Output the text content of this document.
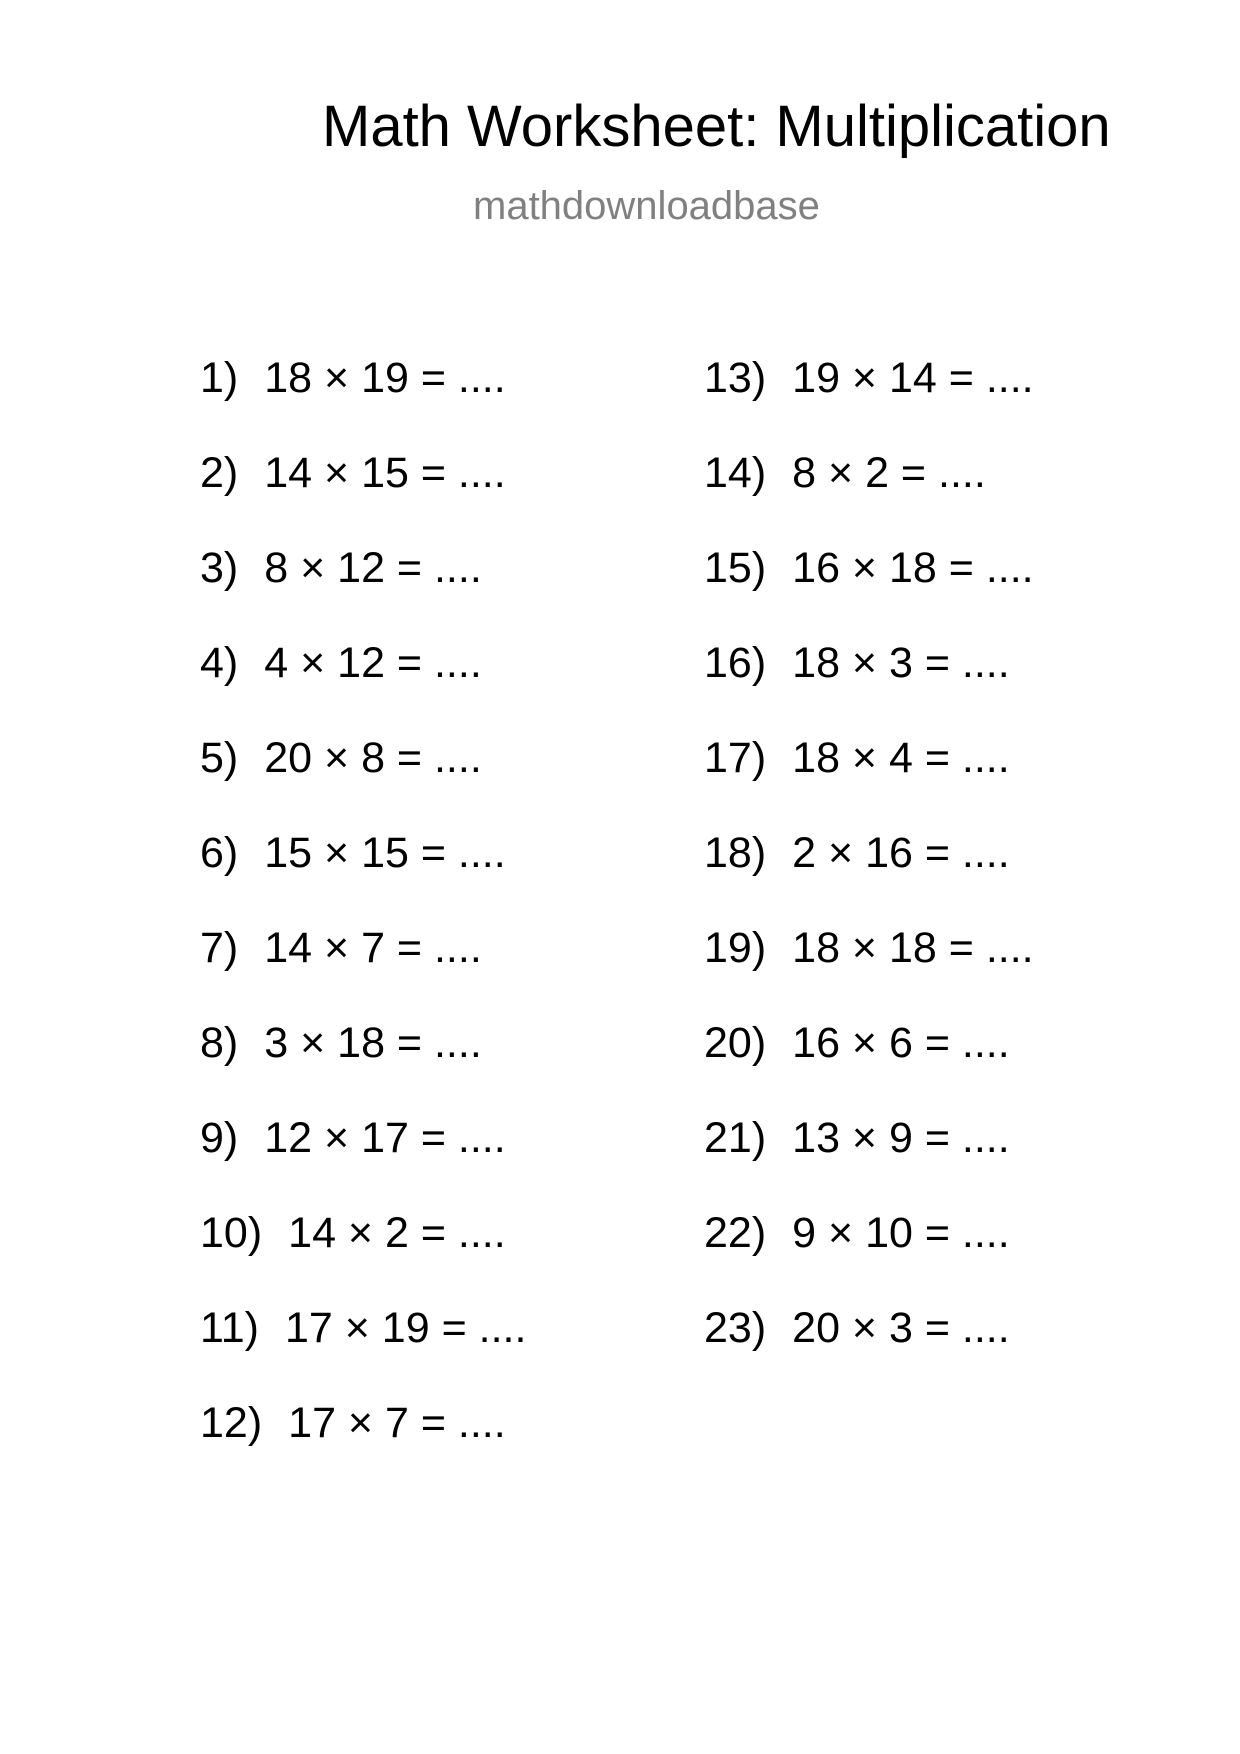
Math Worksheet: Multiplication
mathdownloadbase
1) 18 × 19 = ....
2) 14 × 15 = ....
3) 8 × 12 = ....
4) 4 × 12 = ....
5) 20 × 8 = ....
6) 15 × 15 = ....
7) 14 × 7 = ....
8) 3 × 18 = ....
9) 12 × 17 = ....
10) 14 × 2 = ....
11) 17 × 19 = ....
12) 17 × 7 = ....
13) 19 × 14 = ....
14) 8 × 2 = ....
15) 16 × 18 = ....
16) 18 × 3 = ....
17) 18 × 4 = ....
18) 2 × 16 = ....
19) 18 × 18 = ....
20) 16 × 6 = ....
21) 13 × 9 = ....
22) 9 × 10 = ....
23) 20 × 3 = ....
